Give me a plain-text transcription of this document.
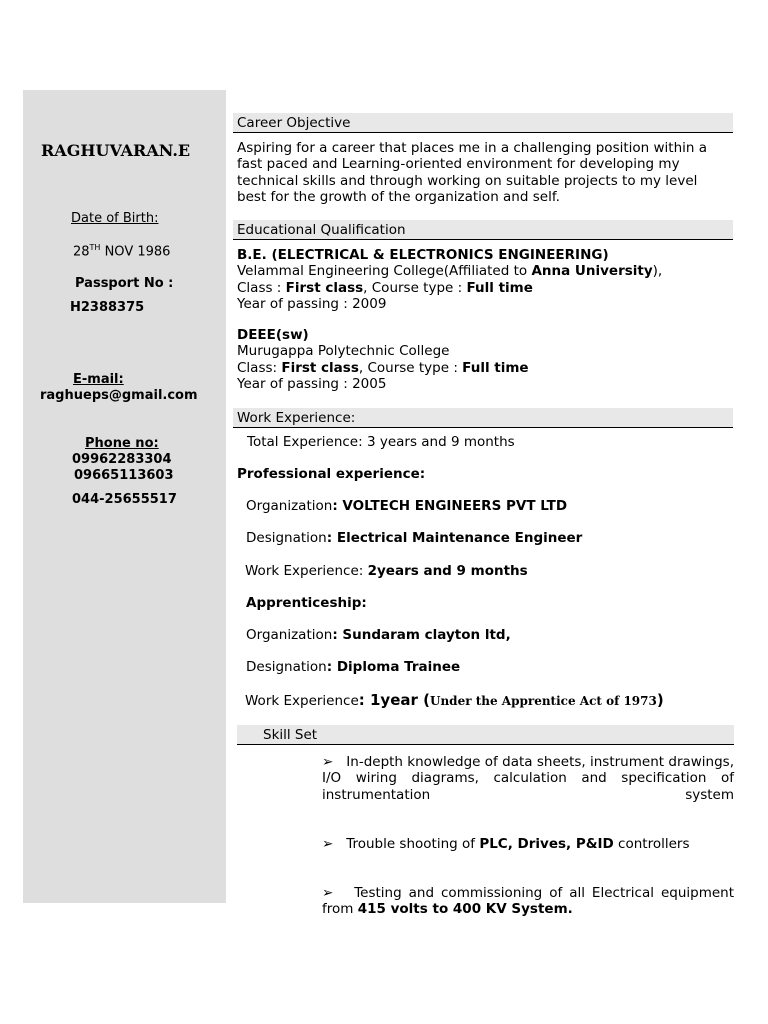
RAGHUVARAN.E
Date of Birth:
28TH NOV 1986
Passport No :
H2388375
E-mail:
raghueps@gmail.com
Phone no:
09962283304
09665113603
044-25655517
Career Objective
Aspiring for a career that places me in a challenging position within a fast paced and Learning-oriented environment for developing my technical skills and through working on suitable projects to my level best for the growth of the organization and self.
Educational Qualification
B.E. (ELECTRICAL & ELECTRONICS ENGINEERING)
Velammal Engineering College(Affiliated to Anna University),
Class : First class, Course type : Full time
Year of passing : 2009
DEEE(sw)
Murugappa Polytechnic College
Class: First class, Course type : Full time
Year of passing : 2005
Work Experience:
Total Experience: 3 years and 9 months
Professional experience:
Organization: VOLTECH ENGINEERS PVT LTD
Designation: Electrical Maintenance Engineer
Work Experience: 2years and 9 months
Apprenticeship:
Organization: Sundaram clayton ltd,
Designation: Diploma Trainee
Work Experience: 1year (Under the Apprentice Act of 1973)
Skill Set
➢ In-depth knowledge of data sheets, instrument drawings, I/O wiring diagrams, calculation and specification of instrumentation system
➢ Trouble shooting of PLC, Drives, P&ID controllers
➢ Testing and commissioning of all Electrical equipment from 415 volts to 400 KV System.
